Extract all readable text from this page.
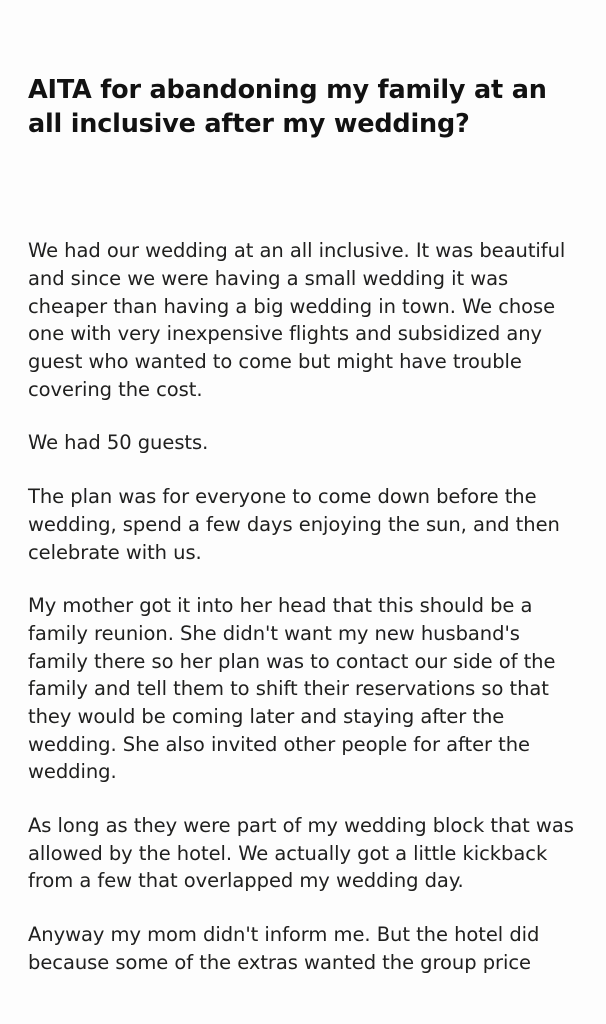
AITA for abandoning my family at an all inclusive after my wedding?

We had our wedding at an all inclusive. It was beautiful and since we were having a small wedding it was cheaper than having a big wedding in town. We chose one with very inexpensive flights and subsidized any guest who wanted to come but might have trouble covering the cost.

We had 50 guests.

The plan was for everyone to come down before the wedding, spend a few days enjoying the sun, and then celebrate with us.

My mother got it into her head that this should be a family reunion. She didn't want my new husband's family there so her plan was to contact our side of the family and tell them to shift their reservations so that they would be coming later and staying after the wedding. She also invited other people for after the wedding.

As long as they were part of my wedding block that was allowed by the hotel. We actually got a little kickback from a few that overlapped my wedding day.

Anyway my mom didn't inform me. But the hotel did because some of the extras wanted the group price
